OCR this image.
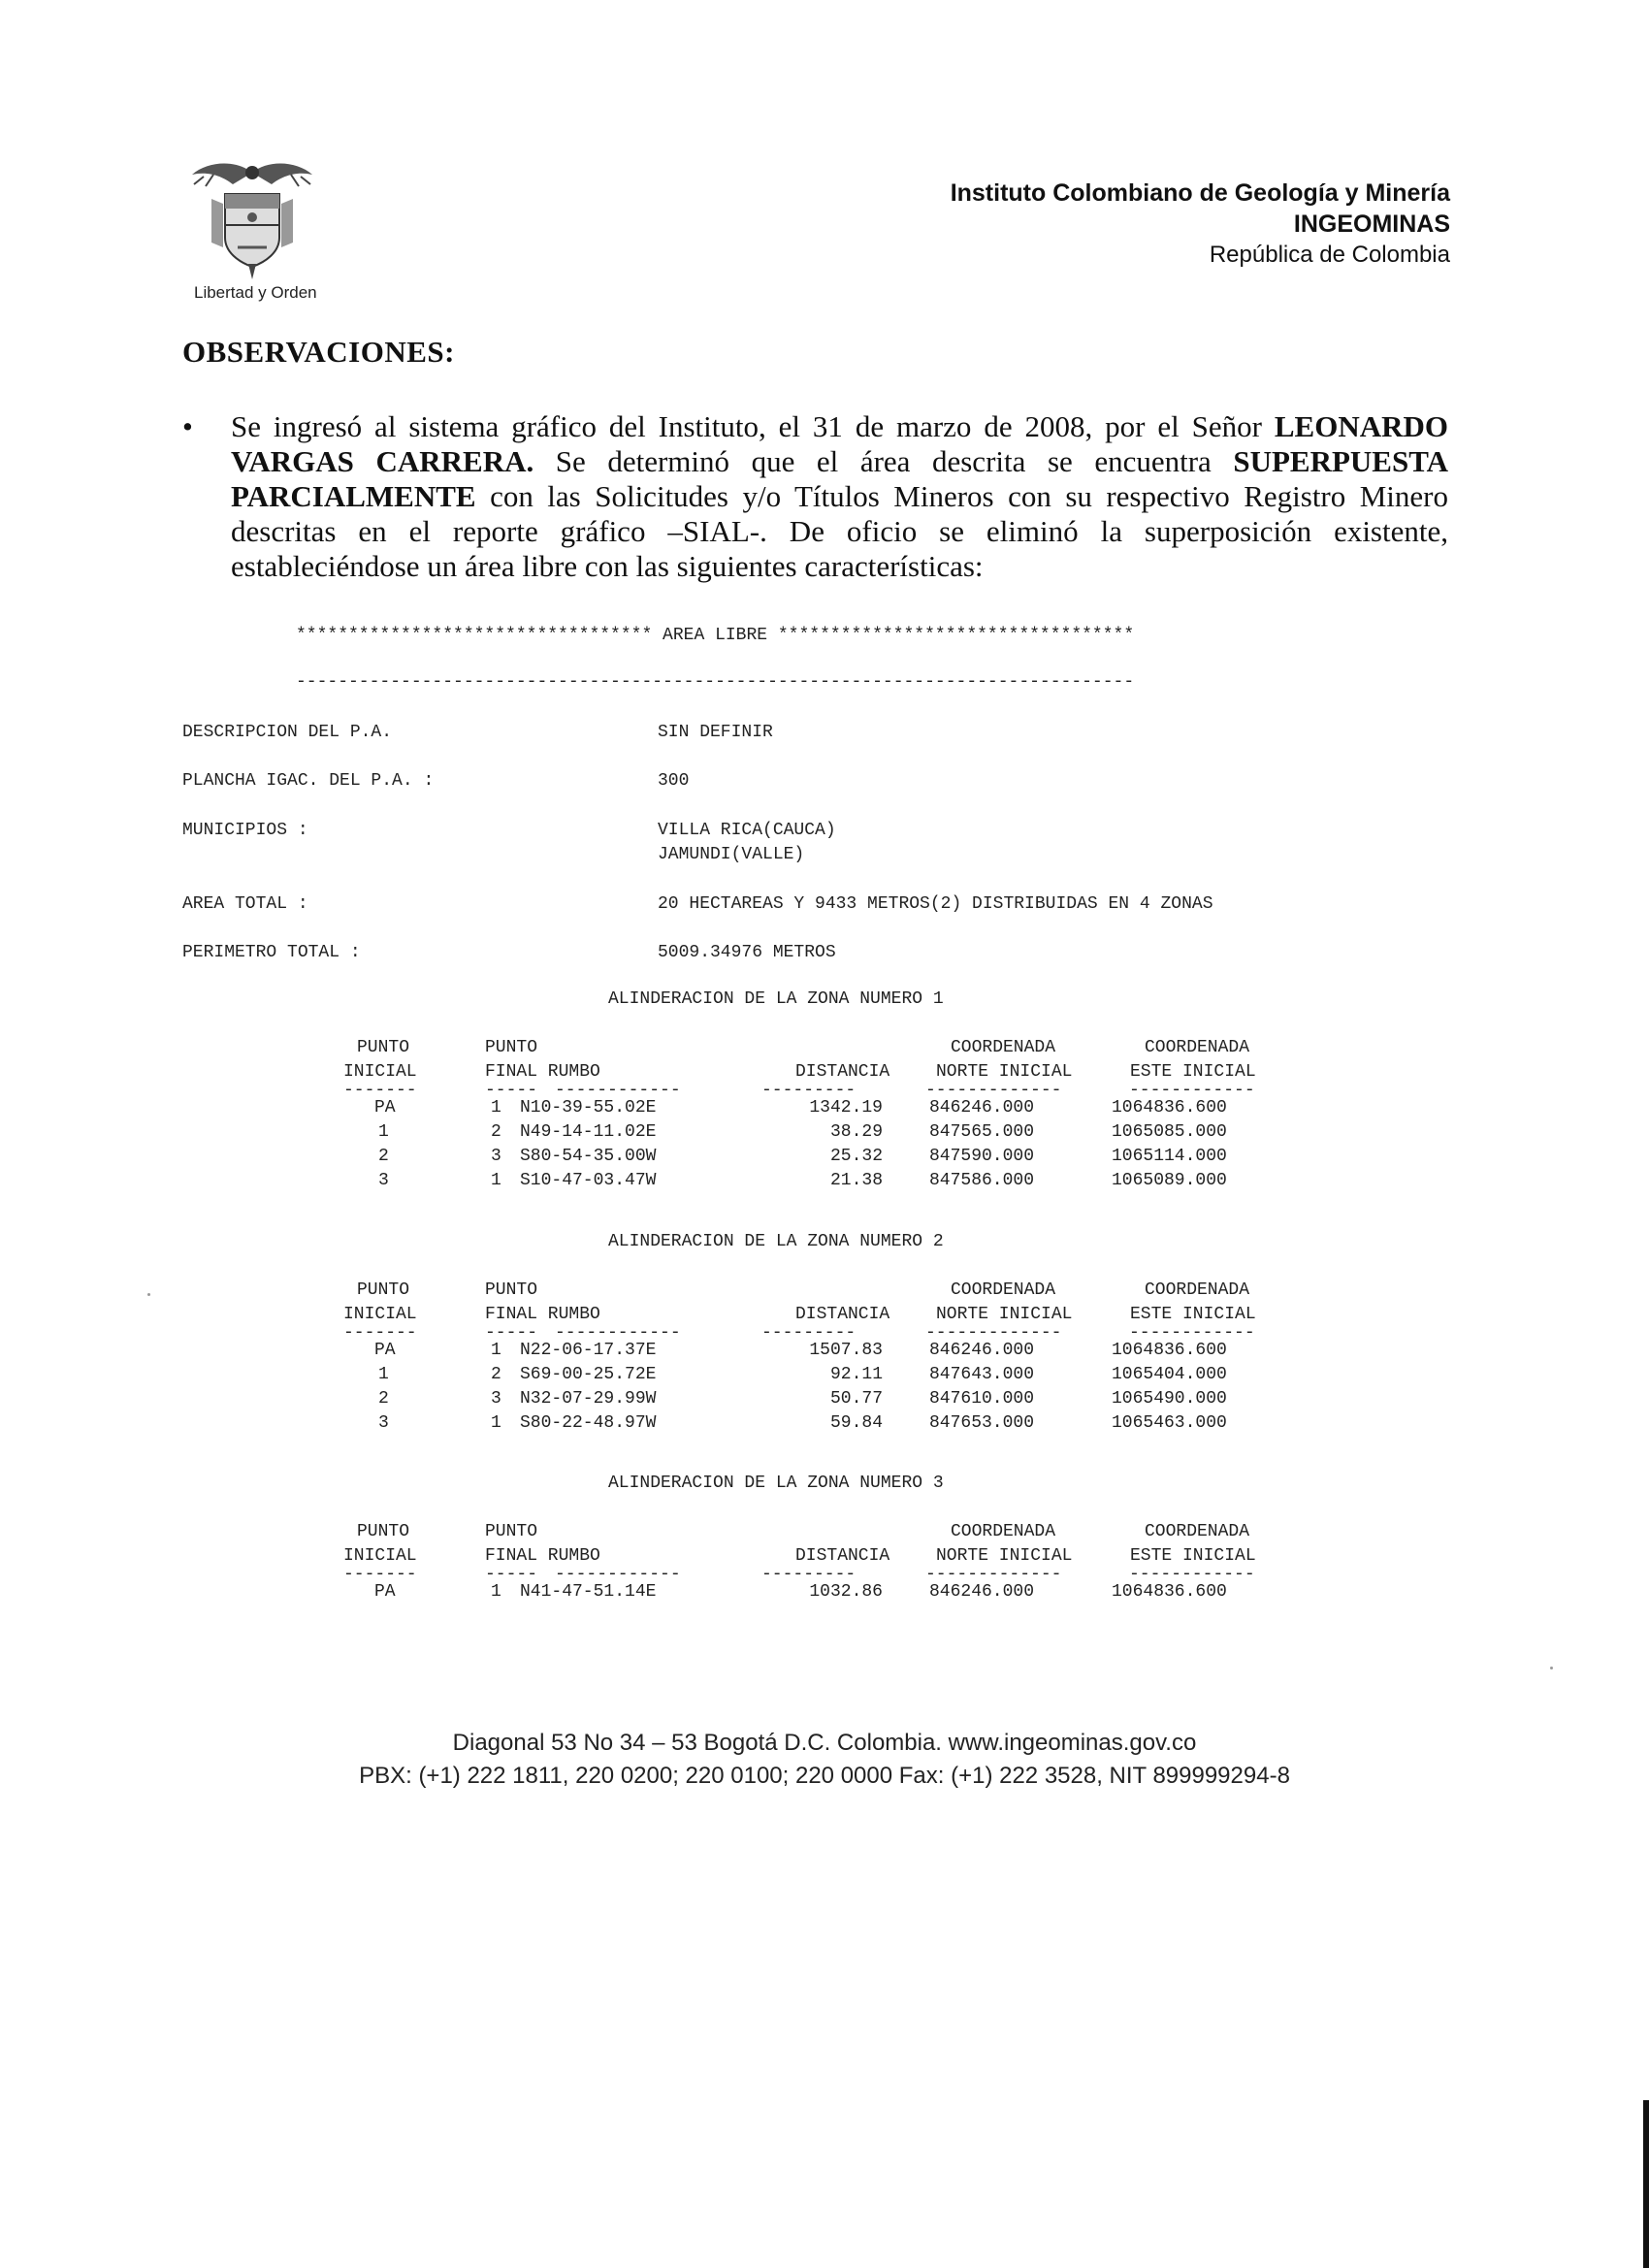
Libertad y Orden
Instituto Colombiano de Geología y Minería
INGEOMINAS
República de Colombia
OBSERVACIONES:
• Se ingresó al sistema gráfico del Instituto, el 31 de marzo de 2008, por el Señor LEONARDO VARGAS CARRERA. Se determinó que el área descrita se encuentra SUPERPUESTA PARCIALMENTE con las Solicitudes y/o Títulos Mineros con su respectivo Registro Minero descritas en el reporte gráfico –SIAL-. De oficio se eliminó la superposición existente, estableciéndose un área libre con las siguientes características:
********************************** AREA LIBRE **********************************
--------------------------------------------------------------------------------
DESCRIPCION DEL P.A.	SIN DEFINIR
PLANCHA IGAC. DEL P.A. :	300
MUNICIPIOS :	VILLA RICA(CAUCA)
JAMUNDI(VALLE)
AREA TOTAL :	20 HECTAREAS Y 9433 METROS(2) DISTRIBUIDAS EN 4 ZONAS
PERIMETRO TOTAL :	5009.34976 METROS
ALINDERACION DE LA ZONA NUMERO 1
PUNTO	PUNTO	COORDENADA	COORDENADA
INICIAL	FINAL RUMBO	DISTANCIA	NORTE INICIAL	ESTE INICIAL
-------	----- ------------	---------	-------------	------------
PA	1 N10-39-55.02E	1342.19	846246.000	1064836.600
1	2 N49-14-11.02E	38.29	847565.000	1065085.000
2	3 S80-54-35.00W	25.32	847590.000	1065114.000
3	1 S10-47-03.47W	21.38	847586.000	1065089.000
ALINDERACION DE LA ZONA NUMERO 2
PUNTO	PUNTO	COORDENADA	COORDENADA
INICIAL	FINAL RUMBO	DISTANCIA	NORTE INICIAL	ESTE INICIAL
-------	----- ------------	---------	-------------	------------
PA	1 N22-06-17.37E	1507.83	846246.000	1064836.600
1	2 S69-00-25.72E	92.11	847643.000	1065404.000
2	3 N32-07-29.99W	50.77	847610.000	1065490.000
3	1 S80-22-48.97W	59.84	847653.000	1065463.000
ALINDERACION DE LA ZONA NUMERO 3
PUNTO	PUNTO	COORDENADA	COORDENADA
INICIAL	FINAL RUMBO	DISTANCIA	NORTE INICIAL	ESTE INICIAL
-------	----- ------------	---------	-------------	------------
PA	1 N41-47-51.14E	1032.86	846246.000	1064836.600
Diagonal 53 No 34 – 53 Bogotá D.C. Colombia. www.ingeominas.gov.co
PBX: (+1) 222 1811, 220 0200; 220 0100; 220 0000 Fax: (+1) 222 3528, NIT 899999294-8
